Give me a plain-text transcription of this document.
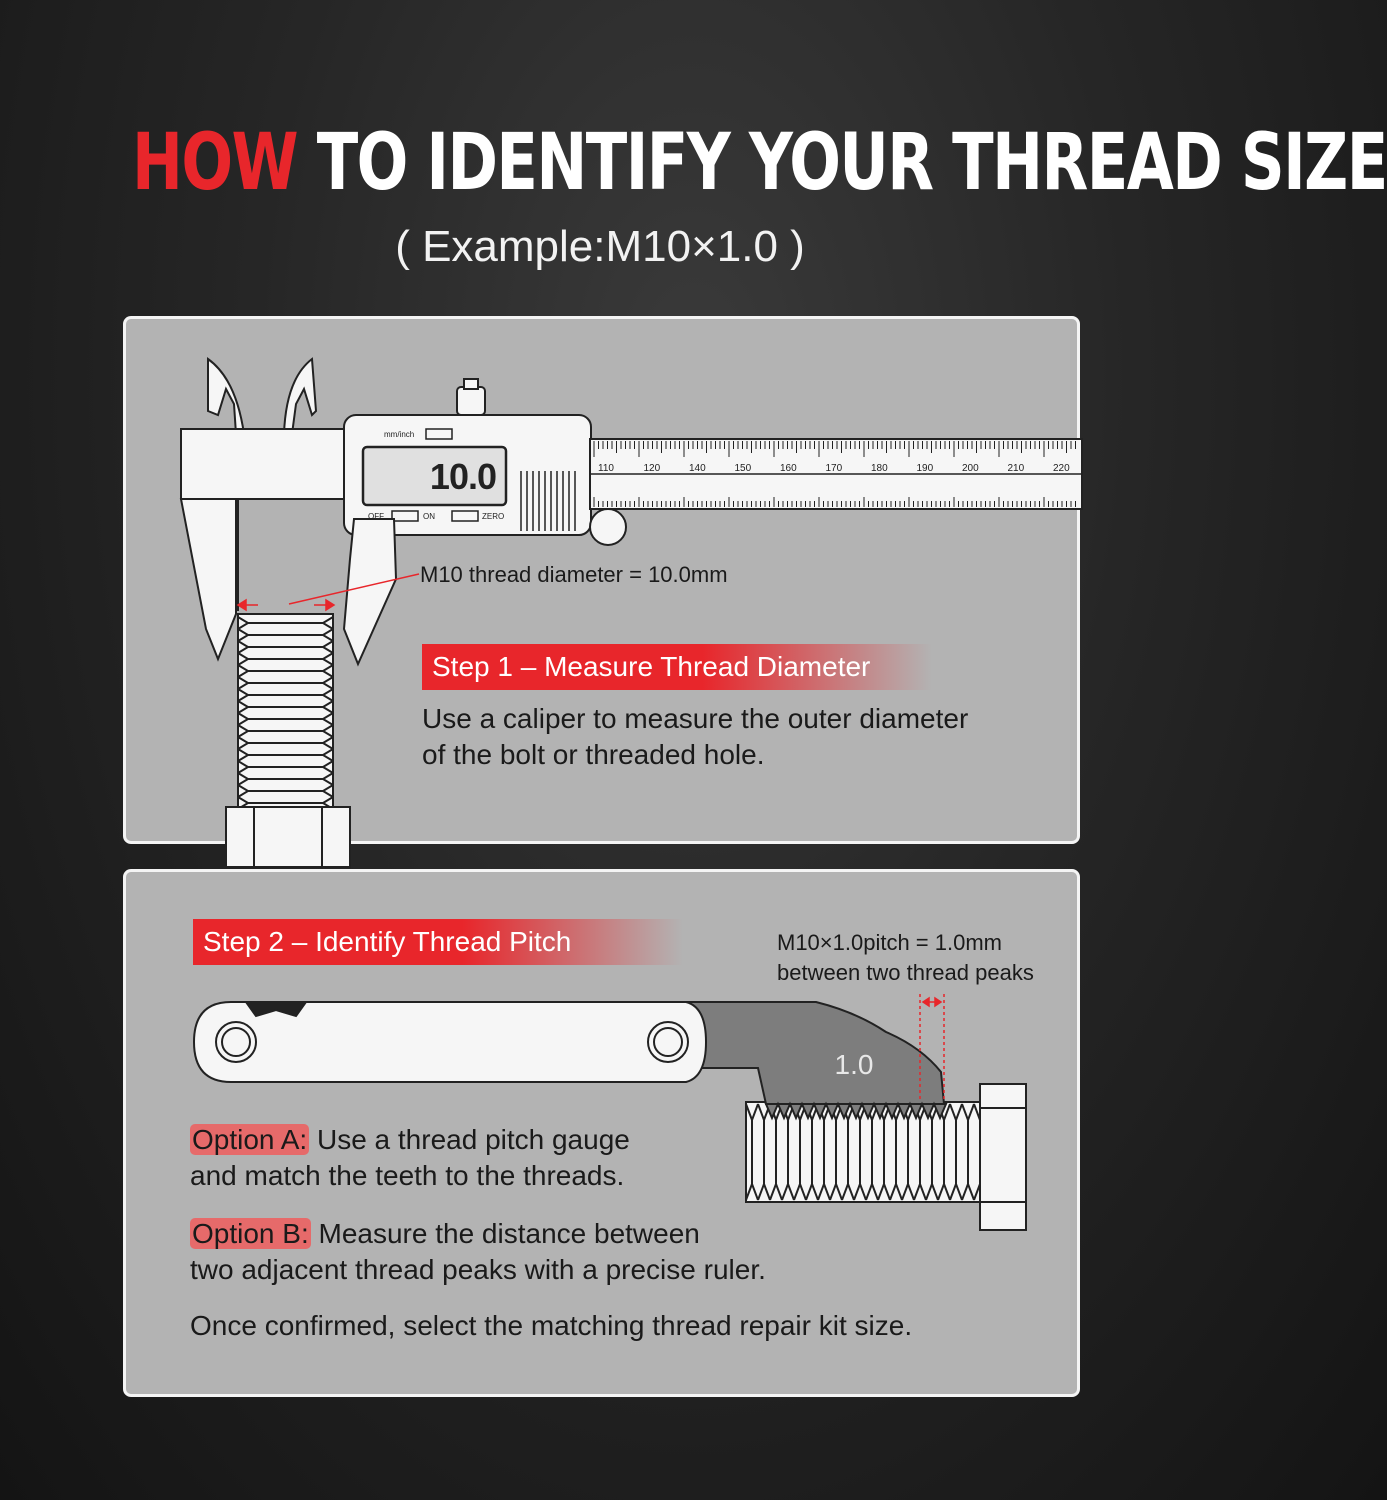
HOW TO IDENTIFY YOUR THREAD SIZE
( Example:M10×1.0 )
110	120	140	150	160	170	180	190	200	210	220
10.0
mm/inch
OFF	ON	ZERO
M10 thread diameter = 10.0mm
Step 1 – Measure Thread Diameter
Use a caliper to measure the outer diameter
of the bolt or threaded hole.
1.0
Step 2 – Identify Thread Pitch	M10×1.0pitch = 1.0mm
between two thread peaks
Option A: Use a thread pitch gauge
and match the teeth to the threads.
Option B: Measure the distance between
two adjacent thread peaks with a precise ruler.
Once confirmed, select the matching thread repair kit size.
